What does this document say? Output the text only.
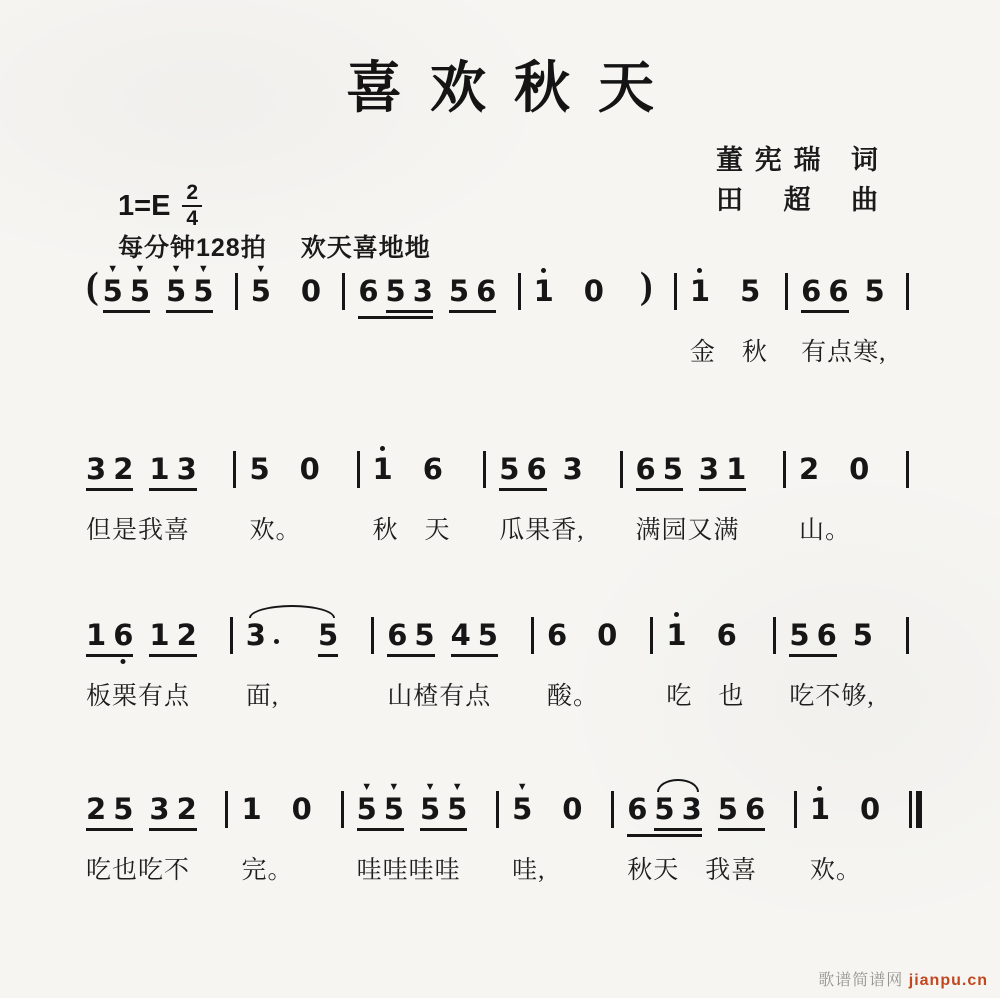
喜欢秋天
董宪瑞 词
田 超 曲
$1=E \frac{2}{4}$
每分钟128拍 欢天喜地地
( ▼
5
▼
5
▼
5
▼
5
▼
5 0 6 5 3 5 6 1 0 ) 1 5
金　秋
6 6 5
有点寒,
3 2 1 3
但是我喜
5 0
欢。
1 6
秋　天
5 6 3
瓜果香,
6 5 3 1
满园又满
2 0
山。
1 6 1 2
板栗有点
3 5
面,
6 5 4 5
山楂有点
6 0
酸。
1 6
吃　也
5 6 5
吃不够,
2 5 3 2
吃也吃不
1 0
完。
▼
5
▼
5
▼
5
▼
5
哇哇哇哇
▼
5 0
哇,
6 5 3 5 6
秋天　我喜
1 0
欢。
歌谱简谱网 jianpu.cn
